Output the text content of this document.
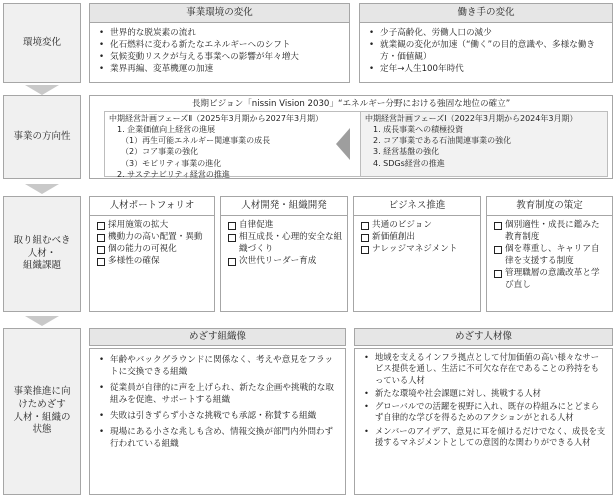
環境変化
事業の方向性
取り組むべき
人材・
組織課題
事業推進に向
けためざす
人材・組織の
状態
事業環境の変化
• 世界的な脱炭素の流れ
• 化石燃料に変わる新たなエネルギーへのシフト
• 気候変動リスクが与える事業への影響が年々増大
• 業界再編、変革機運の加速
働き手の変化
• 少子高齢化、労働人口の減少
• 就業観の変化が加速（“働く”の目的意識や、多様な働き方・価値観）
• 定年→人生100年時代
長期ビジョン「nissin Vision 2030」“エネルギー分野における強固な地位の確立”
中期経営計画フェーズⅡ（2025年3月期から2027年3月期）
1. 企業価値向上経営の進展
（1）再生可能エネルギー関連事業の成長
（2）コア事業の強化
（3）モビリティ事業の進化
2. サステナビリティ経営の推進
中期経営計画フェーズⅠ（2022年3月期から2024年3月期）
1. 成長事業への積極投資
2. コア事業である石油関連事業の強化
3. 経営基盤の強化
4. SDGs経営の推進
人材ポートフォリオ
採用施策の拡大
機動力の高い配置・異動
個の能力の可視化
多様性の確保
人材開発・組織開発
自律促進
相互成長・心理的安全な組織づくり
次世代リーダー育成
ビジネス推進
共通のビジョン
新価値創出
ナレッジマネジメント
教育制度の策定
個別適性・成長に鑑みた教育制度
個を尊重し、キャリア自律を支援する制度
管理職層の意識改革と学び直し
めざす組織像
• 年齢やバックグラウンドに関係なく、考えや意見をフラットに交換できる組織
• 従業員が自律的に声を上げられ、新たな企画や挑戦的な取組みを促進、サポートする組織
• 失敗は引きずらず小さな挑戦でも承認・称賛する組織
• 現場にある小さな兆しも含め、情報交換が部門内外問わず行われている組織
めざす人材像
• 地域を支えるインフラ拠点として付加価値の高い様々なサービス提供を通し、生活に不可欠な存在であることの矜持をもっている人材
• 新たな環境や社会課題に対し、挑戦する人材
• グローバルでの活躍を視野に入れ、既存の枠組みにとどまらず自律的な学びを得るためのアクションがとれる人材
• メンバーのアイデア、意見に耳を傾けるだけでなく、成長を支援するマネジメントとしての意図的な関わりができる人材
